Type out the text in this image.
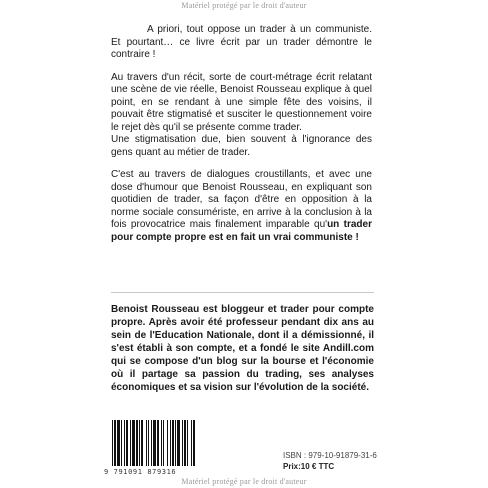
Matériel protégé par le droit d'auteur

A priori, tout oppose un trader à un communiste. Et pourtant… ce livre écrit par un trader démontre le contraire !

Au travers d'un récit, sorte de court-métrage écrit relatant une scène de vie réelle, Benoist Rousseau explique à quel point, en se rendant à une simple fête des voisins, il pouvait être stigmatisé et susciter le questionnement voire le rejet dès qu'il se présente comme trader.

Une stigmatisation due, bien souvent à l'ignorance des gens quant au métier de trader.

C'est au travers de dialogues croustillants, et avec une dose d'humour que Benoist Rousseau, en expliquant son quotidien de trader, sa façon d'être en opposition à la norme sociale consumériste, en arrive à la conclusion à la fois provocatrice mais finalement imparable qu'un trader pour compte propre est en fait un vrai communiste !

Benoist Rousseau est bloggeur et trader pour compte propre. Après avoir été professeur pendant dix ans au sein de l'Education Nationale, dont il a démissionné, il s'est établi à son compte, et a fondé le site Andill.com qui se compose d'un blog sur la bourse et l'économie où il partage sa passion du trading, ses analyses économiques et sa vision sur l'évolution de la société.
9 791091 879316
ISBN : 979-10-91879-31-6
Prix:10 € TTC
Matériel protégé par le droit d'auteur
